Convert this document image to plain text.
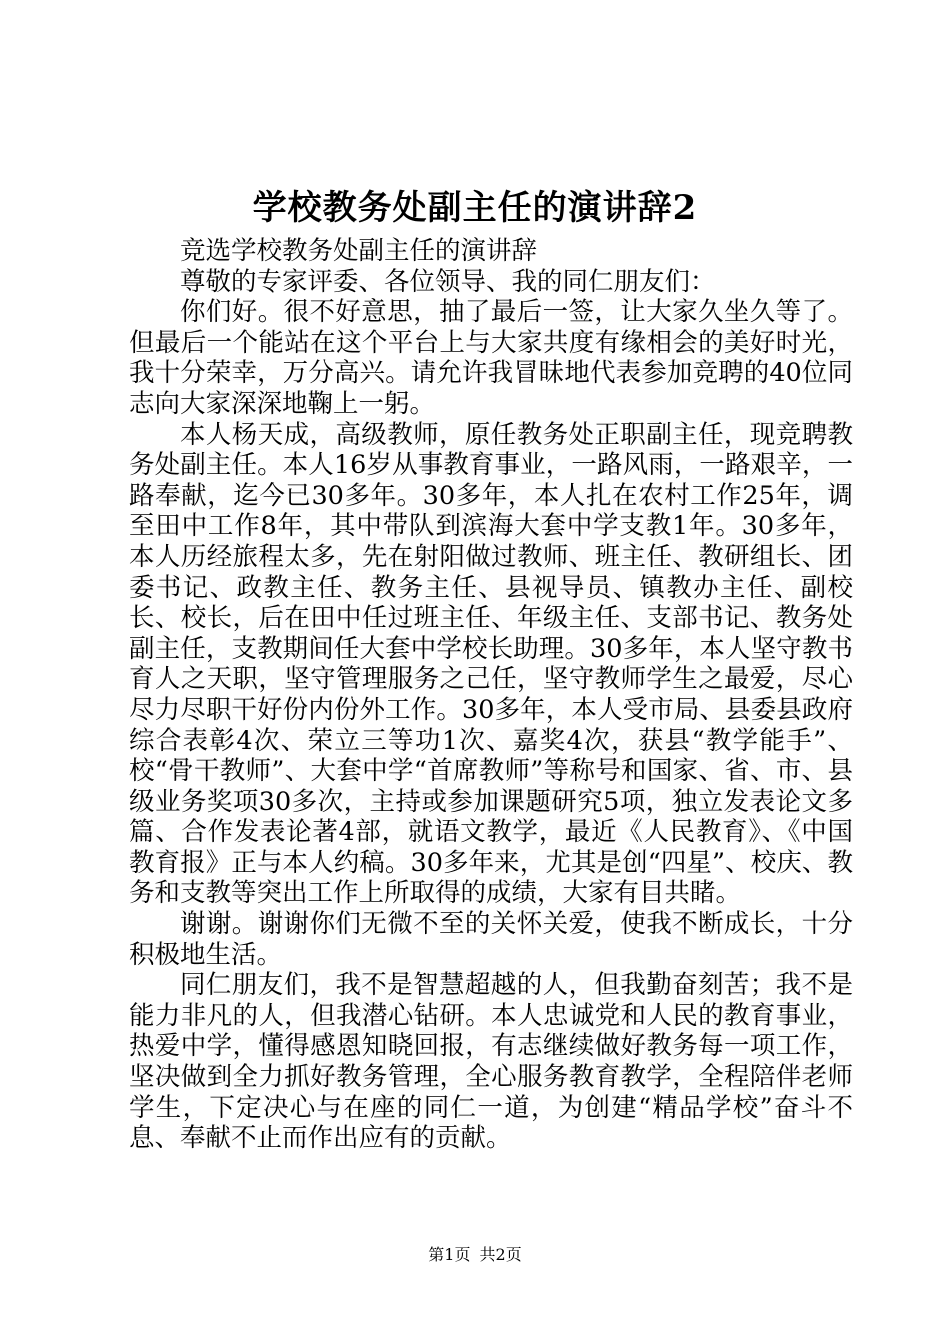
学校教务处副主任的演讲辞2

竞选学校教务处副主任的演讲辞

尊敬的专家评委、各位领导、我的同仁朋友们：

你们好。很不好意思，抽了最后一签，让大家久坐久等了。但最后一个能站在这个平台上与大家共度有缘相会的美好时光，我十分荣幸，万分高兴。请允许我冒昧地代表参加竞聘的40位同志向大家深深地鞠上一躬。

本人杨天成，高级教师，原任教务处正职副主任，现竞聘教务处副主任。本人16岁从事教育事业，一路风雨，一路艰辛，一路奉献，迄今已30多年。30多年，本人扎在农村工作25年，调至田中工作8年，其中带队到滨海大套中学支教1年。30多年，本人历经旅程太多，先在射阳做过教师、班主任、教研组长、团委书记、政教主任、教务主任、县视导员、镇教办主任、副校长、校长，后在田中任过班主任、年级主任、支部书记、教务处副主任，支教期间任大套中学校长助理。30多年，本人坚守教书育人之天职，坚守管理服务之己任，坚守教师学生之最爱，尽心尽力尽职干好份内份外工作。30多年，本人受市局、县委县政府综合表彰4次、荣立三等功1次、嘉奖4次，获县“教学能手”、校“骨干教师”、大套中学“首席教师”等称号和国家、省、市、县级业务奖项30多次，主持或参加课题研究5项，独立发表论文多篇、合作发表论著4部，就语文教学，最近《人民教育》、《中国教育报》正与本人约稿。30多年来，尤其是创“四星”、校庆、教务和支教等突出工作上所取得的成绩，大家有目共睹。

谢谢。谢谢你们无微不至的关怀关爱，使我不断成长，十分积极地生活。

同仁朋友们，我不是智慧超越的人，但我勤奋刻苦；我不是能力非凡的人，但我潜心钻研。本人忠诚党和人民的教育事业，热爱中学，懂得感恩知晓回报，有志继续做好教务每一项工作，坚决做到全力抓好教务管理，全心服务教育教学，全程陪伴老师学生，下定决心与在座的同仁一道，为创建“精品学校”奋斗不息、奉献不止而作出应有的贡献。

第1页 共2页
